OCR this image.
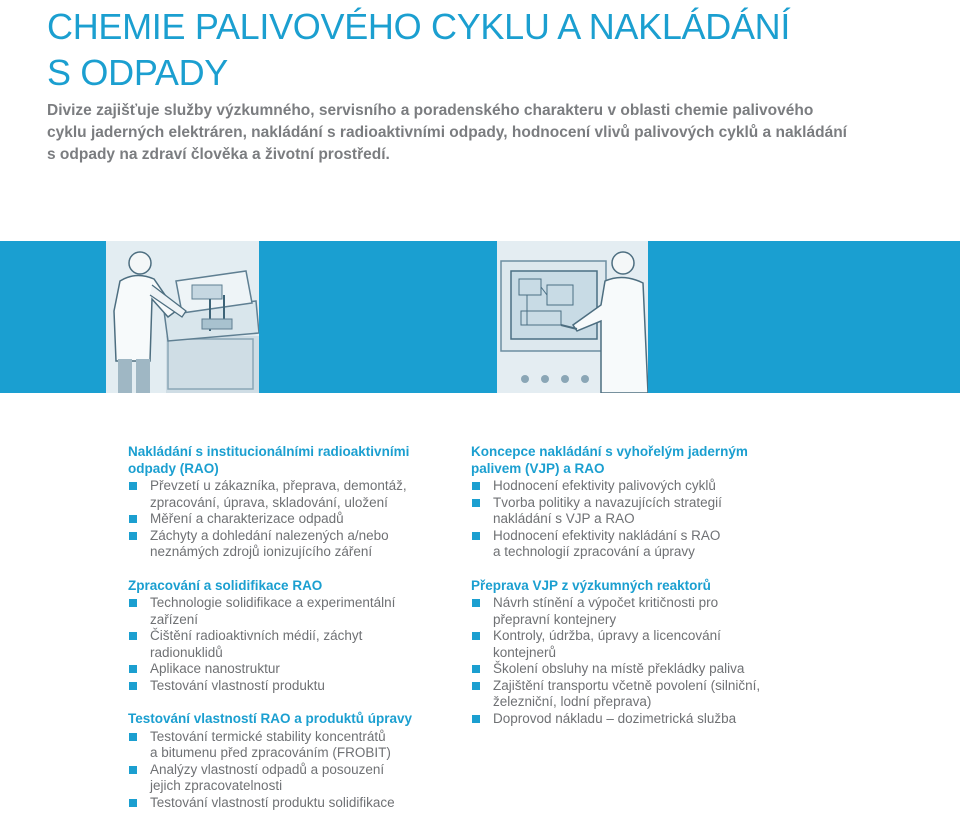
CHEMIE PALIVOVÉHO CYKLU A NAKLÁDÁNÍ
S ODPADY

Divize zajišťuje služby výzkumného, servisního a poradenského charakteru v oblasti chemie palivového
cyklu jaderných elektráren, nakládání s radioaktivními odpady, hodnocení vlivů palivových cyklů a nakládání
s odpady na zdraví člověka a životní prostředí.

Nakládání s institucionálními radioaktivními
odpady (RAO)
Převzetí u zákazníka, přeprava, demontáž,
zpracování, úprava, skladování, uložení
Měření a charakterizace odpadů
Záchyty a dohledání nalezených a/nebo
neznámých zdrojů ionizujícího záření
Zpracování a solidifikace RAO
Technologie solidifikace a experimentální
zařízení
Čištění radioaktivních médií, záchyt
radionuklidů
Aplikace nanostruktur
Testování vlastností produktu
Testování vlastností RAO a produktů úpravy
Testování termické stability koncentrátů
a bitumenu před zpracováním (FROBIT)
Analýzy vlastností odpadů a posouzení
jejich zpracovatelnosti
Testování vlastností produktu solidifikace
Koncepce nakládání s vyhořelým jaderným
palivem (VJP) a RAO
Hodnocení efektivity palivových cyklů
Tvorba politiky a navazujících strategií
nakládání s VJP a RAO
Hodnocení efektivity nakládání s RAO
a technologií zpracování a úpravy
Přeprava VJP z výzkumných reaktorů
Návrh stínění a výpočet kritičnosti pro
přepravní kontejnery
Kontroly, údržba, úpravy a licencování
kontejnerů
Školení obsluhy na místě překládky paliva
Zajištění transportu včetně povolení (silniční,
železniční, lodní přeprava)
Doprovod nákladu – dozimetrická služba
